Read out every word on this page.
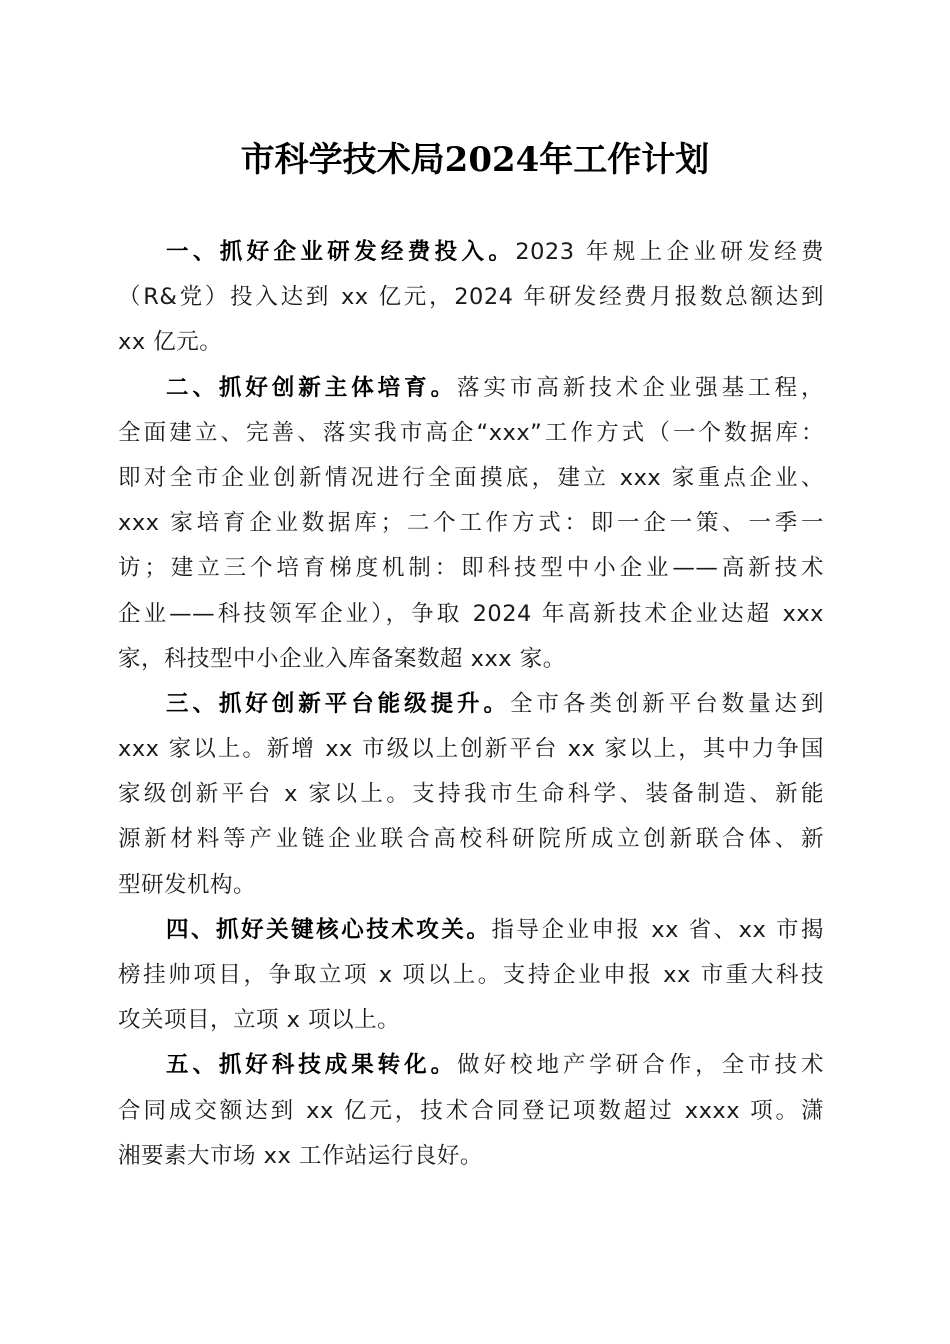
市科学技术局2024年工作计划
一、抓好企业研发经费投入。2023 年规上企业研发经费
（R&党）投入达到 xx 亿元，2024 年研发经费月报数总额达到
xx 亿元。
二、抓好创新主体培育。落实市高新技术企业强基工程，
全面建立、完善、落实我市高企“xxx”工作方式（一个数据库：
即对全市企业创新情况进行全面摸底，建立 xxx 家重点企业、
xxx 家培育企业数据库；二个工作方式：即一企一策、一季一
访；建立三个培育梯度机制：即科技型中小企业——高新技术
企业——科技领军企业），争取 2024 年高新技术企业达超 xxx
家，科技型中小企业入库备案数超 xxx 家。
三、抓好创新平台能级提升。全市各类创新平台数量达到
xxx 家以上。新增 xx 市级以上创新平台 xx 家以上，其中力争国
家级创新平台 x 家以上。支持我市生命科学、装备制造、新能
源新材料等产业链企业联合高校科研院所成立创新联合体、新
型研发机构。
四、抓好关键核心技术攻关。指导企业申报 xx 省、xx 市揭
榜挂帅项目，争取立项 x 项以上。支持企业申报 xx 市重大科技
攻关项目，立项 x 项以上。
五、抓好科技成果转化。做好校地产学研合作，全市技术
合同成交额达到 xx 亿元，技术合同登记项数超过 xxxx 项。潇
湘要素大市场 xx 工作站运行良好。
